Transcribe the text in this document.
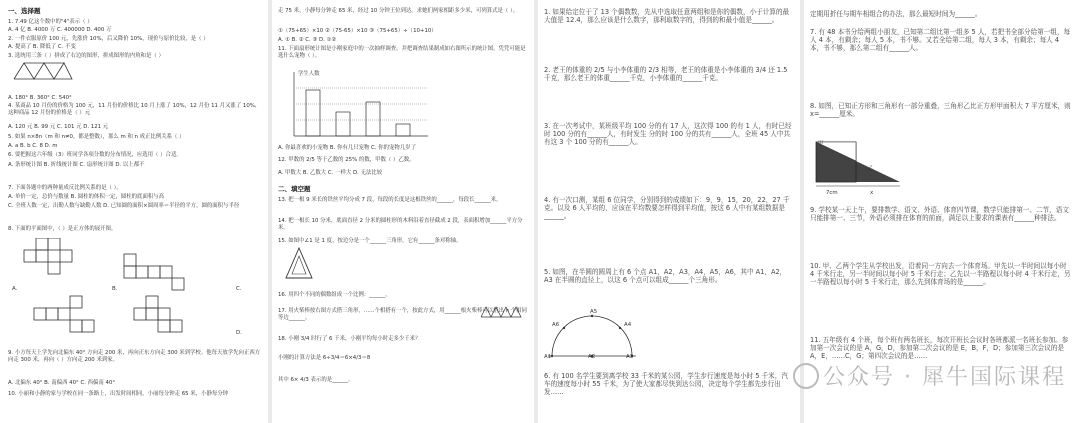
一、选择题
1. 7.49 亿这个数中的"4"表示（ ）
A. 4 亿 B. 4000 万 C. 400000 D. 400 万
2. 一件衣服原价 100 元，先涨价 10%，后又降价 10%，现价与原价比较，是（ ）
A. 提高了 B. 降低了 C. 不变
3. 选统用三条（ ）拼成了右边的图形，拼成图形的内角和是（ ）
A. 180° B. 360° C. 540°
4. 某商品 10 月份的价格为 100 元，11 月份的价格比 10 月上涨了 10%，12 月份 11 月又涨了 10%，这种商品 12 月份的价格是（ ）元
A. 120 元 B. 99 元 C. 101 元 D. 121 元
5. 如果 n×8n（m 和 n≠0，都是整数），那么 m 和 n 成正比例关系（ ）
A. a B. b C. 8 D. m
6. 要把握这六年级（3）班同学各项分数的分布情况，应选用（ ）合适。
A. 条形统计图 B. 折线统计图 C. 扇形统计图 D. 以上都不
7. 下面各题中的两种量成反比例关系的是（ ）。
A. 单价一定，总价与数量 B. 圆柱的体积一定，圆柱的底面积与高
C. 全班人数一定，出勤人数与缺勤人数 D. 已知圆的面积×圆周率＝半径的平方，圆的面积与半径
8. 下面的平面图中，（ ）是正方体的展开图。
A.	B.	C.
D.
9. 小方每天上学先向北偏东 40° 方向走 200 米，再向正东方向走 300 米到学校。他每天放学先向正西方向走 300 米，再向（ ）方向走 200 米到家。
A. 北偏东 40° B. 南偏西 40° C. 西偏南 40°
10. 小丽和小静的家与学校在同一条路上，出发时间相同，小丽每分钟走 65 米，小静每分钟
走 75 米，小静每分钟走 65 米，经过 10 分钟王位到达。求她们两家相距多少米，可列算式是（ ）。
①（75+65）×10 ②（75-65）×10 ③（75+65）÷（10+10）
A. ① B. ② C. ③ D. ①②
11. 下面扇形统计图是小刚家庭中的一次抽样调查，并把调查结果制成如右图所示的统计图。凭凭可能是选什么宠物（ ）。
学生人数
A. 你最喜欢的小宠物 B. 你有几只宠物 C. 你的宠物几岁了
12. 甲数的 2/5 等于乙数的 25% 的数，甲数（ ）乙数。
A. 甲数大 B. 乙数大 C. 一样大 D. 无法比较
二、填空题
13. 把一根 9 米长的铁丝平均分成 7 段，每段的长度是这根铁丝的______，每段长______米。
14. 把一根长 10 分米，底面直径 2 分米的圆柱形的木料沿着直径截成 2 段，表面积增加______平方分米。
15. 如图中∠1 是 1 度，按边分是一个______三角形，它有______条对称轴。
16. 用四个不同的偶数组成一个比例：______。
17. 用火柴棒按右图方式搭三角形，……个相搭有一个，按此方式，用______根火柴棒可以搭出 n 个相同等边______。
18. 小刚 3/4 时行了 6 千米，小刚平均每小时走多少千米？
小刚的计算方法是 6÷3/4＝6×4/3＝8
其中 6× 4/3 表示的是______。
1. 如果给定位于了 13 个偶数数，先从中选取任意两组和是你的偶数，小于计算的最大值是 12.4，那么应该是什么数字，那利取数字的，得到的和最小值是______。
2. 老王的体重的 2/5 与小李体重的 2/3 相等，老王的体重是小李体重的 3/4 还 1.5 千克，那么老王的体重______千克，小李体重的______千克。
3. 在一次考试中，某班级平均 100 分的有 17 人，这次得 100 的有 1 人，有时已经时 100 分的有______人，有时发生 分的时 100 分的共有______人，全班 45 人中共有这 3 个 100 分的有______人。
4. 有一次口测，某组 6 位同学，分别得到的成绩如下：9，9，15，20，22，27 千克。以及 6 人平均的，应该在平均数要怎样得到平均值，按这 6 人中有某组数据是______。
5. 如图，在半圆的圆周上有 6 个点 A1，A2，A3，A4，A5，A6，其中 A1，A2，A3 在半圆的直径上，以这 6 个点可以组成______个三角形。
A1	A2	A3
A4
A5
A6
6. 有 100 名学生要到离学校 33 千米的某公园，学生步行速度是每小时 5 千米，汽车的速度每小时 55 千米，为了使大家都尽快到达公园，决定每个学生都先步行出发……
定期用折任与期车相组合的办法，那么最短时间为______。
7. 有 48 本书分给两组小朋友，已知第二组比第一组多 5 人，若把书全部分给第一组，每人 4 本，有剩余；每人 5 本，书不够。又若全给第二组，每人 3 本，有剩余；每人 4 本，书不够，那么第二组有______人。
8. 如图，已知正方形和三角形有一部分重叠，三角形乙比正方形甲面积大 7 平方厘米，则 x=______厘米。
甲
乙
7cm	x
9. 学校某一天上午，要排数学、语文、外语、体育四节课，数学只能排第一、二节，语文只能排第一、三节，外语必须排在体育的前面，满足以上要求的课表有______种排法。
10. 甲、乙两个学生从学校出发，沿着同一方向去一个体育场。甲先以一半时间以每小时 4 千米行走，另一半时间以每小时 5 千米行走；乙先以一半路程以每小时 4 千米行走，另一半路程以每小时 5 千米行走，那么先到体育场的是______。
11. 五年级有 4 个班，每个班有两名班长，每次开班长会议时各班都派一名班长参加。参加第一次会议的是 A，G，D，参加第二次会议的是 E，B，F，D；参加第三次会议的是 A，E，……C，G；第四次会议的是……
公众号 · 犀牛国际课程
